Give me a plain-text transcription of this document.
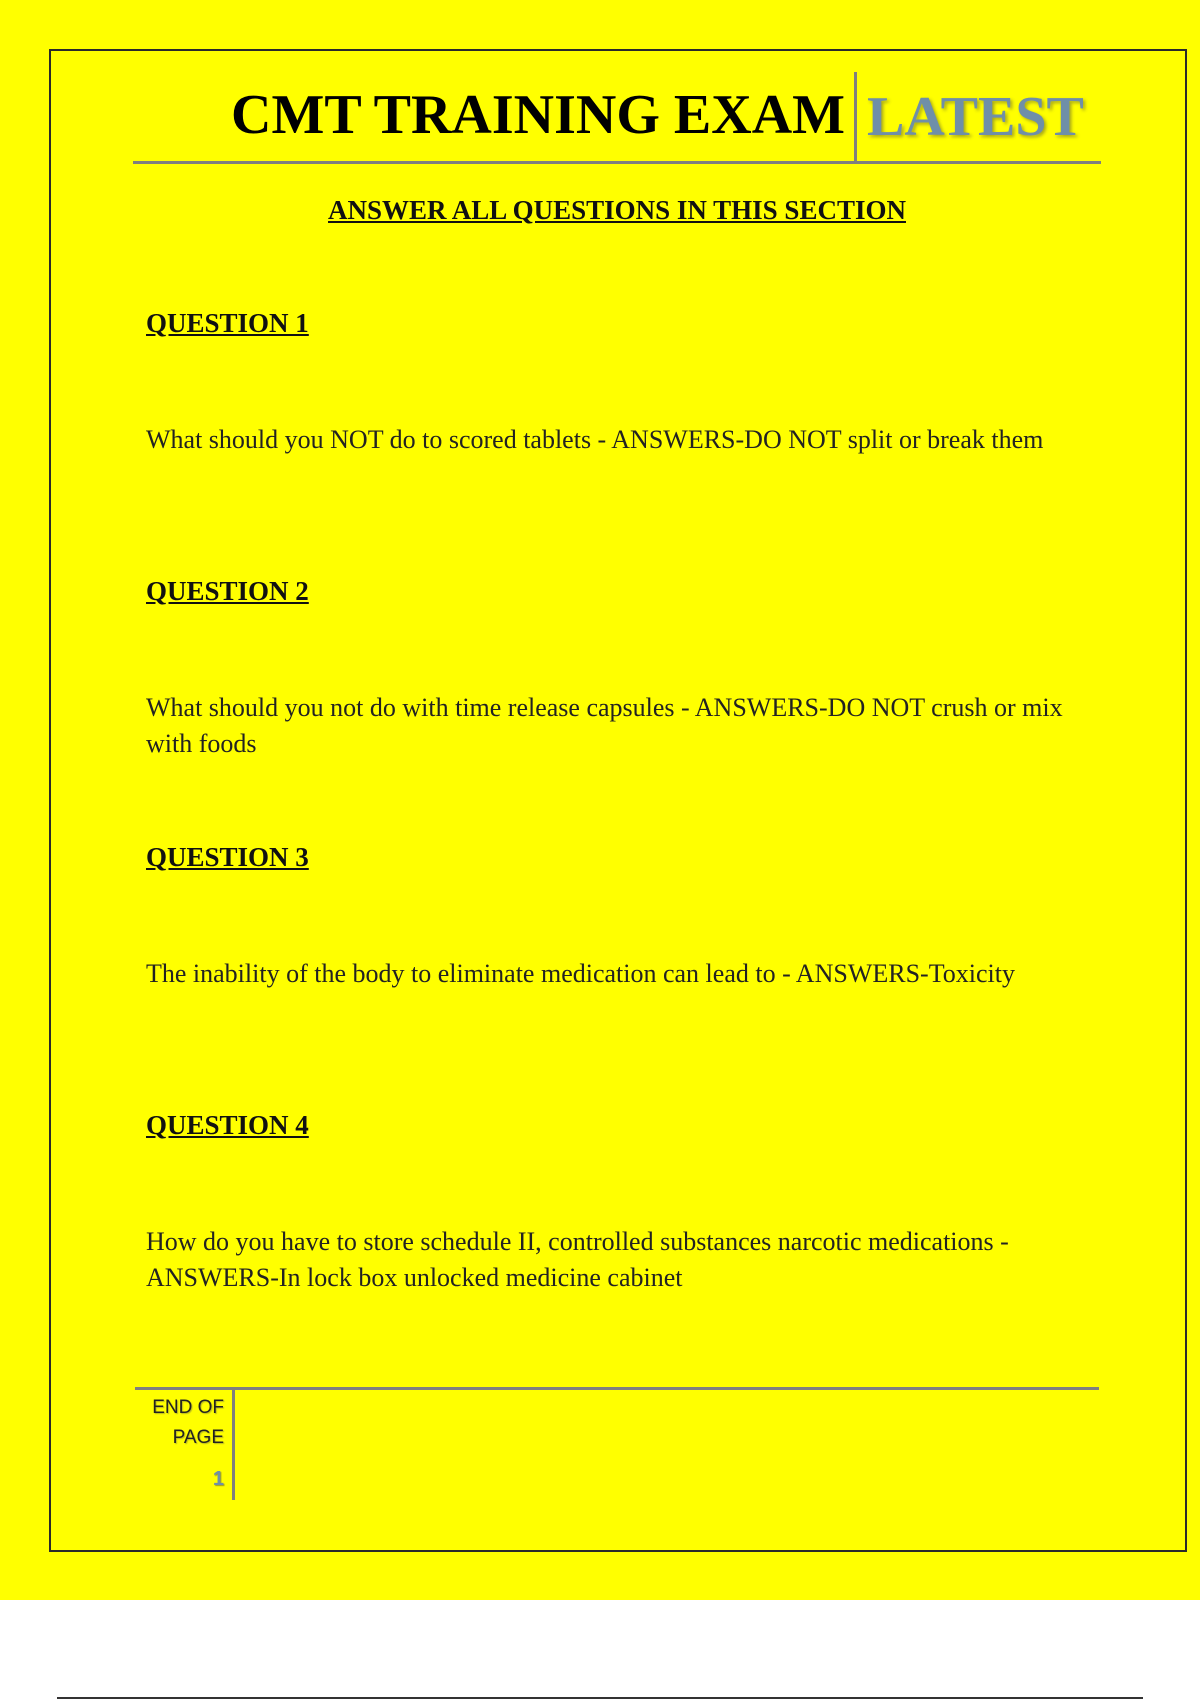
CMT TRAINING EXAM LATEST
ANSWER ALL QUESTIONS IN THIS SECTION

QUESTION 1

What should you NOT do to scored tablets - ANSWERS-DO NOT split or break them

QUESTION 2

What should you not do with time release capsules - ANSWERS-DO NOT crush or mix with foods

QUESTION 3

The inability of the body to eliminate medication can lead to - ANSWERS-Toxicity

QUESTION 4

How do you have to store schedule II, controlled substances narcotic medications - ANSWERS-In lock box unlocked medicine cabinet

END OF
PAGE
1
